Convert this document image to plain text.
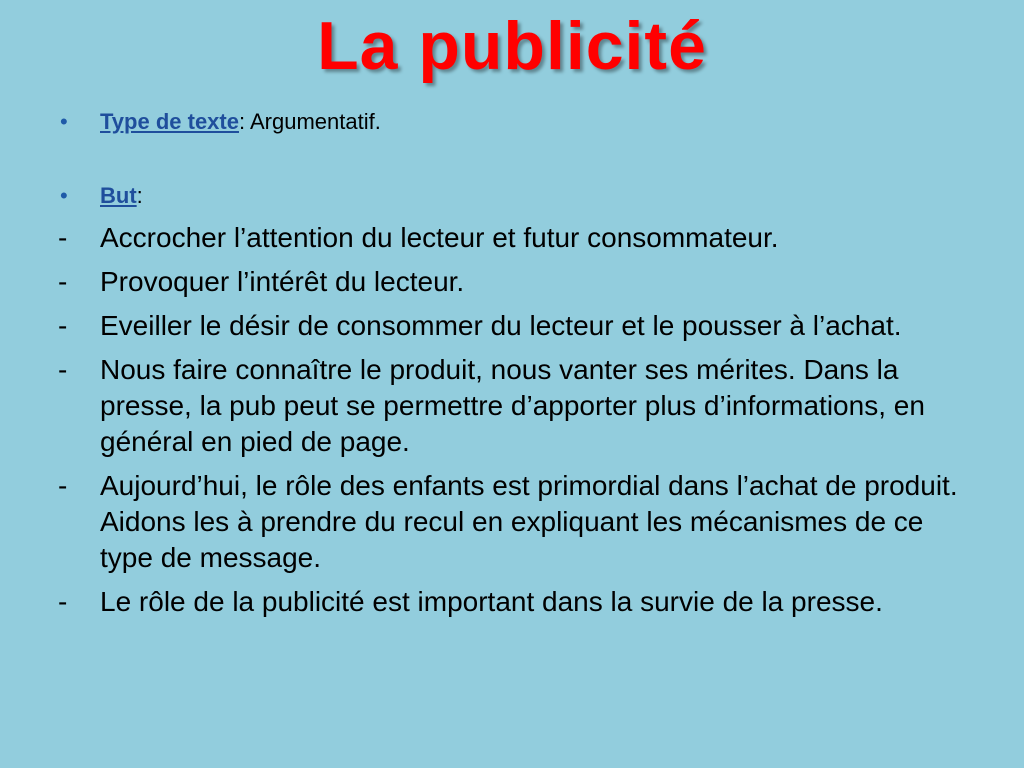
La publicité
• Type de texte: Argumentatif.
• But:
-	Accrocher l’attention du lecteur et futur consommateur.
-	Provoquer l’intérêt du lecteur.
-	Eveiller le désir de consommer du lecteur et le pousser à l’achat.
-	Nous faire connaître le produit, nous vanter ses mérites. Dans la presse, la pub peut se permettre d’apporter plus d’informations, en général en pied de page.
-	Aujourd’hui, le rôle des enfants est primordial dans l’achat de produit. Aidons les à prendre du recul en expliquant les mécanismes de ce type de message.
-	Le rôle de la publicité est important dans la survie de la presse.
